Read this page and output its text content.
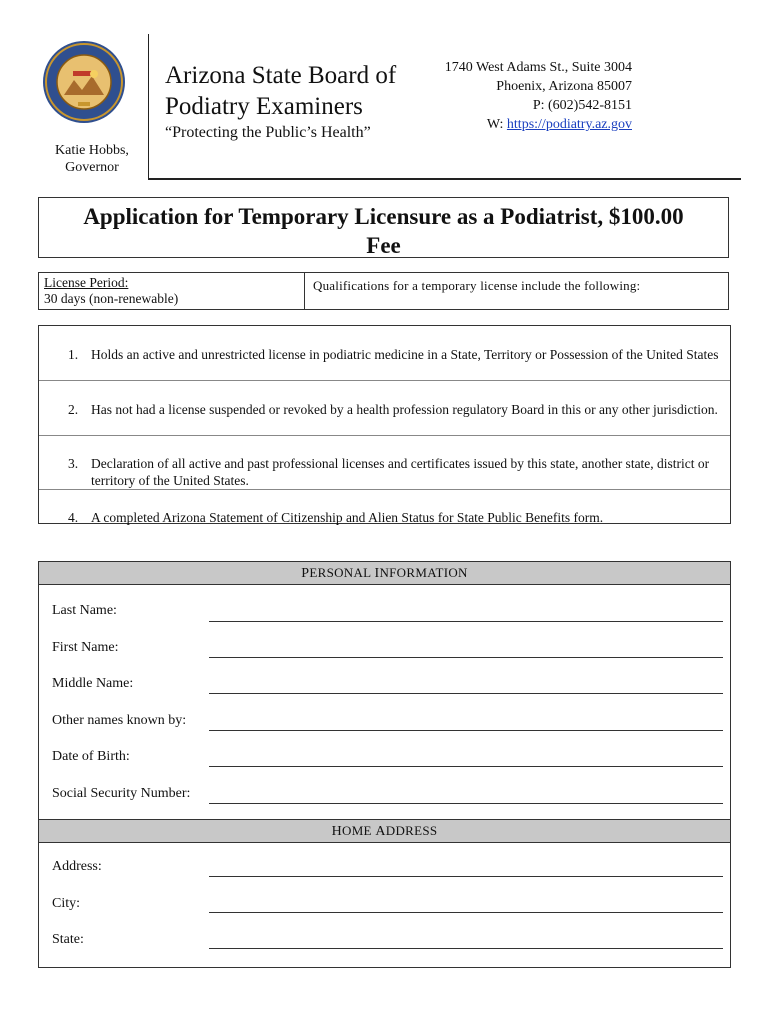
Katie Hobbs,
Governor
Arizona State Board of
Podiatry Examiners
“Protecting the Public’s Health”
1740 West Adams St., Suite 3004
Phoenix, Arizona 85007
P: (602)542-8151
W: https://podiatry.az.gov
Application for Temporary Licensure as a Podiatrist, $100.00
Fee
License Period:
30 days (non-renewable)
Qualifications for a temporary license include the following:
1. Holds an active and unrestricted license in podiatric medicine in a State, Territory or Possession of the United States
2. Has not had a license suspended or revoked by a health profession regulatory Board in this or any other jurisdiction.
3. Declaration of all active and past professional licenses and certificates issued by this state, another state, district or territory of the United States.
4. A completed Arizona Statement of Citizenship and Alien Status for State Public Benefits form.
PERSONAL INFORMATION
Last Name:
First Name:
Middle Name:
Other names known by:
Date of Birth:
Social Security Number:
HOME ADDRESS
Address:
City:
State:
